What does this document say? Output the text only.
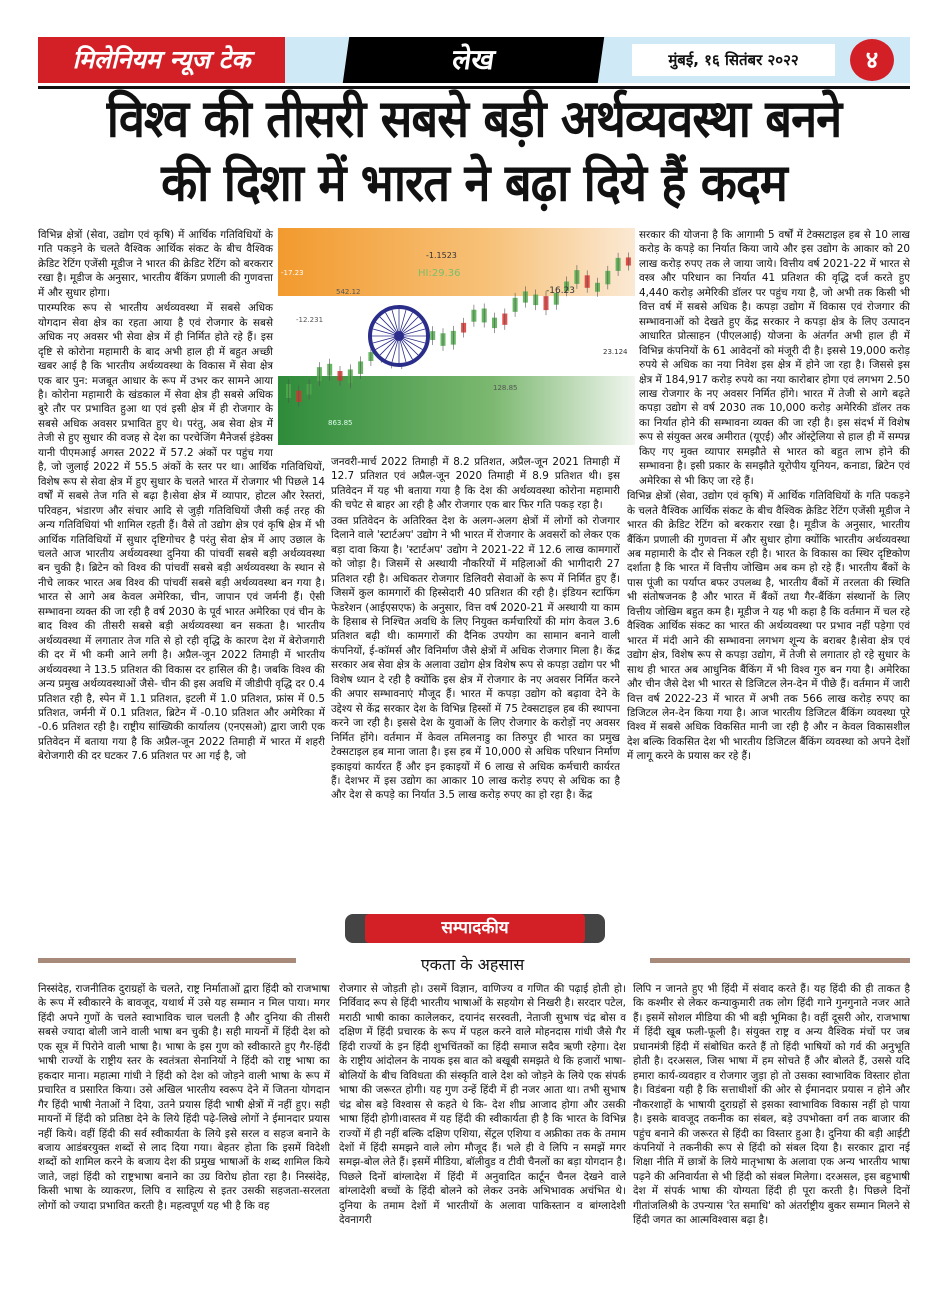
मिलेनियम न्यूज टेक	लेख	मुंबई, १६ सितंबर २०२२	४
विश्व की तीसरी सबसे बड़ी अर्थव्यवस्था बनने
की दिशा में भारत ने बढ़ा दिये हैं कदम
-1.1523
HI:29.36
-16.23
-17.23
542.12
-12.231
128.85
23.124
863.85

विभिन्न क्षेत्रों (सेवा, उद्योग एवं कृषि) में आर्थिक गतिविधियों के गति पकड़ने के चलते वैश्विक आर्थिक संकट के बीच वैश्विक क्रेडिट रेटिंग एजेंसी मूडीज ने भारत की क्रेडिट रेटिंग को बरकरार रखा है। मूडीज के अनुसार, भारतीय बैंकिंग प्रणाली की गुणवत्ता में और सुधार होगा।

पारम्परिक रूप से भारतीय अर्थव्यवस्था में सबसे अधिक योगदान सेवा क्षेत्र का रहता आया है एवं रोजगार के सबसे अधिक नए अवसर भी सेवा क्षेत्र में ही निर्मित होते रहे हैं। इस दृष्टि से कोरोना महामारी के बाद अभी हाल ही में बहुत अच्छी खबर आई है कि भारतीय अर्थव्यवस्था के विकास में सेवा क्षेत्र एक बार पुन: मजबूत आधार के रूप में उभर कर सामने आया है। कोरोना महामारी के खंडकाल में सेवा क्षेत्र ही सबसे अधिक बुरे तौर पर प्रभावित हुआ था एवं इसी क्षेत्र में ही रोजगार के सबसे अधिक अवसर प्रभावित हुए थे। परंतु, अब सेवा क्षेत्र में तेजी से हुए सुधार की वजह से देश का परचेजिंग मैनेजर्स इंडेक्स यानी पीएमआई अगस्त 2022 में 57.2 अंकों पर पहुंच गया है, जो जुलाई 2022 में 55.5 अंकों के स्तर पर था। आर्थिक गतिविधियों, विशेष रूप से सेवा क्षेत्र में हुए सुधार के चलते भारत में रोजगार भी पिछले 14 वर्षों में सबसे तेज गति से बढ़ा है।सेवा क्षेत्र में व्यापार, होटल और रेस्तरां, परिवहन, भंडारण और संचार आदि से जुड़ी गतिविधियों जैसी कई तरह की अन्य गतिविधियां भी शामिल रहती हैं। वैसे तो उद्योग क्षेत्र एवं कृषि क्षेत्र में भी आर्थिक गतिविधियों में सुधार दृष्टिगोचर है परंतु सेवा क्षेत्र में आए उछाल के चलते आज भारतीय अर्थव्यवस्था दुनिया की पांचवीं सबसे बड़ी अर्थव्यवस्था बन चुकी है। ब्रिटेन को विश्व की पांचवीं सबसे बड़ी अर्थव्यवस्था के स्थान से नीचे लाकर भारत अब विश्व की पांचवीं सबसे बड़ी अर्थव्यवस्था बन गया है। भारत से आगे अब केवल अमेरिका, चीन, जापान एवं जर्मनी हैं। ऐसी सम्भावना व्यक्त की जा रही है वर्ष 2030 के पूर्व भारत अमेरिका एवं चीन के बाद विश्व की तीसरी सबसे बड़ी अर्थव्यवस्था बन सकता है। भारतीय अर्थव्यवस्था में लगातार तेज गति से हो रही वृद्धि के कारण देश में बेरोजगारी की दर में भी कमी आने लगी है। अप्रैल-जून 2022 तिमाही में भारतीय अर्थव्यवस्था ने 13.5 प्रतिशत की विकास दर हासिल की है। जबकि विश्व की अन्य प्रमुख अर्थव्यवस्थाओं जैसे- चीन की इस अवधि में जीडीपी वृद्धि दर 0.4 प्रतिशत रही है, स्पेन में 1.1 प्रतिशत, इटली में 1.0 प्रतिशत, फ्रांस में 0.5 प्रतिशत, जर्मनी में 0.1 प्रतिशत, ब्रिटेन में -0.10 प्रतिशत और अमेरिका में -0.6 प्रतिशत रही है। राष्ट्रीय सांख्यिकी कार्यालय (एनएसओ) द्वारा जारी एक प्रतिवेदन में बताया गया है कि अप्रैल-जून 2022 तिमाही में भारत में शहरी बेरोजगारी की दर घटकर 7.6 प्रतिशत पर आ गई है, जो

जनवरी-मार्च 2022 तिमाही में 8.2 प्रतिशत, अप्रैल-जून 2021 तिमाही में 12.7 प्रतिशत एवं अप्रैल-जून 2020 तिमाही में 8.9 प्रतिशत थी। इस प्रतिवेदन में यह भी बताया गया है कि देश की अर्थव्यवस्था कोरोना महामारी की चपेट से बाहर आ रही है और रोजगार एक बार फिर गति पकड़ रहा है।

उक्त प्रतिवेदन के अतिरिक्त देश के अलग-अलग क्षेत्रों में लोगों को रोजगार दिलाने वाले 'स्टार्टअप' उद्योग ने भी भारत में रोजगार के अवसरों को लेकर एक बड़ा दावा किया है। 'स्टार्टअप' उद्योग ने 2021-22 में 12.6 लाख कामगारों को जोड़ा है। जिसमें से अस्थायी नौकरियों में महिलाओं की भागीदारी 27 प्रतिशत रही है। अधिकतर रोजगार डिलिवरी सेवाओं के रूप में निर्मित हुए हैं। जिसमें कुल कामगारों की हिस्सेदारी 40 प्रतिशत की रही है। इंडियन स्टाफिंग फेडरेशन (आईएसएफ) के अनुसार, वित्त वर्ष 2020-21 में अस्थायी या काम के हिसाब से निश्चित अवधि के लिए नियुक्त कर्मचारियों की मांग केवल 3.6 प्रतिशत बढ़ी थी। कामगारों की दैनिक उपयोग का सामान बनाने वाली कंपनियों, ई-कॉमर्स और विनिर्माण जैसे क्षेत्रों में अधिक रोजगार मिला है। केंद्र सरकार अब सेवा क्षेत्र के अलावा उद्योग क्षेत्र विशेष रूप से कपड़ा उद्योग पर भी विशेष ध्यान दे रही है क्योंकि इस क्षेत्र में रोजगार के नए अवसर निर्मित करने की अपार सम्भावनाएं मौजूद हैं। भारत में कपड़ा उद्योग को बढ़ावा देने के उद्देश्य से केंद्र सरकार देश के विभिन्न हिस्सों में 75 टेक्सटाइल हब की स्थापना करने जा रही है। इससे देश के युवाओं के लिए रोजगार के करोड़ों नए अवसर निर्मित होंगे। वर्तमान में केवल तमिलनाडु का तिरुपुर ही भारत का प्रमुख टेक्सटाइल हब माना जाता है। इस हब में 10,000 से अधिक परिधान निर्माण इकाइयां कार्यरत हैं और इन इकाइयों में 6 लाख से अधिक कर्मचारी कार्यरत हैं। देशभर में इस उद्योग का आकार 10 लाख करोड़ रुपए से अधिक का है और देश से कपड़े का निर्यात 3.5 लाख करोड़ रुपए का हो रहा है। केंद्र

सरकार की योजना है कि आगामी 5 वर्षों में टेक्सटाइल हब से 10 लाख करोड़ के कपड़े का निर्यात किया जाये और इस उद्योग के आकार को 20 लाख करोड़ रुपए तक ले जाया जाये। वित्तीय वर्ष 2021-22 में भारत से वस्त्र और परिधान का निर्यात 41 प्रतिशत की वृद्धि दर्ज करते हुए 4,440 करोड़ अमेरिकी डॉलर पर पहुंच गया है, जो अभी तक किसी भी वित्त वर्ष में सबसे अधिक है। कपड़ा उद्योग में विकास एवं रोजगार की सम्भावनाओं को देखते हुए केंद्र सरकार ने कपड़ा क्षेत्र के लिए उत्पादन आधारित प्रोत्साहन (पीएलआई) योजना के अंतर्गत अभी हाल ही में विभिन्न कंपनियों के 61 आवेदनों को मंजूरी दी है। इससे 19,000 करोड़ रुपये से अधिक का नया निवेश इस क्षेत्र में होने जा रहा है। जिससे इस क्षेत्र में 184,917 करोड़ रुपये का नया कारोबार होगा एवं लगभग 2.50 लाख रोजगार के नए अवसर निर्मित होंगे। भारत में तेजी से आगे बढ़ते कपड़ा उद्योग से वर्ष 2030 तक 10,000 करोड़ अमेरिकी डॉलर तक का निर्यात होने की सम्भावना व्यक्त की जा रही है। इस संदर्भ में विशेष रूप से संयुक्त अरब अमीरात (यूएई) और ऑस्ट्रेलिया से हाल ही में सम्पन्न किए गए मुक्त व्यापार समझौते से भारत को बहुत लाभ होने की सम्भावना है। इसी प्रकार के समझौते यूरोपीय यूनियन, कनाडा, ब्रिटेन एवं अमेरिका से भी किए जा रहे हैं।

विभिन्न क्षेत्रों (सेवा, उद्योग एवं कृषि) में आर्थिक गतिविधियों के गति पकड़ने के चलते वैश्विक आर्थिक संकट के बीच वैश्विक क्रेडिट रेटिंग एजेंसी मूडीज ने भारत की क्रेडिट रेटिंग को बरकरार रखा है। मूडीज के अनुसार, भारतीय बैंकिंग प्रणाली की गुणवत्ता में और सुधार होगा क्योंकि भारतीय अर्थव्यवस्था अब महामारी के दौर से निकल रही है। भारत के विकास का स्थिर दृष्टिकोण दर्शाता है कि भारत में वित्तीय जोखिम अब कम हो रहे हैं। भारतीय बैंकों के पास पूंजी का पर्याप्त बफर उपलब्ध है, भारतीय बैंकों में तरलता की स्थिति भी संतोषजनक है और भारत में बैंकों तथा गैर-बैंकिंग संस्थानों के लिए वित्तीय जोखिम बहुत कम है। मूडीज ने यह भी कहा है कि वर्तमान में चल रहे वैश्विक आर्थिक संकट का भारत की अर्थव्यवस्था पर प्रभाव नहीं पड़ेगा एवं भारत में मंदी आने की सम्भावना लगभग शून्य के बराबर है।सेवा क्षेत्र एवं उद्योग क्षेत्र, विशेष रूप से कपड़ा उद्योग, में तेजी से लगातार हो रहे सुधार के साथ ही भारत अब आधुनिक बैंकिंग में भी विश्व गुरु बन गया है। अमेरिका और चीन जैसे देश भी भारत से डिजिटल लेन-देन में पीछे हैं। वर्तमान में जारी वित्त वर्ष 2022-23 में भारत में अभी तक 566 लाख करोड़ रुपए का डिजिटल लेन-देन किया गया है। आज भारतीय डिजिटल बैंकिंग व्यवस्था पूरे विश्व में सबसे अधिक विकसित मानी जा रही है और न केवल विकासशील देश बल्कि विकसित देश भी भारतीय डिजिटल बैंकिंग व्यवस्था को अपने देशों में लागू करने के प्रयास कर रहे हैं।

सम्पादकीय
एकता के अहसास

निस्संदेह, राजनीतिक दुराग्रहों के चलते, राष्ट्र निर्माताओं द्वारा हिंदी को राजभाषा के रूप में स्वीकारने के बावजूद, यथार्थ में उसे यह सम्मान न मिल पाया। मगर हिंदी अपने गुणों के चलते स्वाभाविक चाल चलती है और दुनिया की तीसरी सबसे ज्यादा बोली जाने वाली भाषा बन चुकी है। सही मायनों में हिंदी देश को एक सूत्र में पिरोने वाली भाषा है। भाषा के इस गुण को स्वीकारते हुए गैर-हिंदी भाषी राज्यों के राष्ट्रीय स्तर के स्वतंत्रता सेनानियों ने हिंदी को राष्ट्र भाषा का हकदार माना। महात्मा गांधी ने हिंदी को देश को जोड़ने वाली भाषा के रूप में प्रचारित व प्रसारित किया। उसे अखिल भारतीय स्वरूप देने में जितना योगदान गैर हिंदी भाषी नेताओं ने दिया, उतने प्रयास हिंदी भाषी क्षेत्रों में नहीं हुए। सही मायनों में हिंदी को प्रतिष्ठा देने के लिये हिंदी पढ़े-लिखे लोगों ने ईमानदार प्रयास नहीं किये। वहीं हिंदी की सर्व स्वीकार्यता के लिये इसे सरल व सहज बनाने के बजाय आडंबरयुक्त शब्दों से लाद दिया गया। बेहतर होता कि इसमें विदेशी शब्दों को शामिल करने के बजाय देश की प्रमुख भाषाओं के शब्द शामिल किये जाते, जहां हिंदी को राष्ट्रभाषा बनाने का उग्र विरोध होता रहा है। निस्संदेह, किसी भाषा के व्याकरण, लिपि व साहित्य से इतर उसकी सहजता-सरलता लोगों को ज्यादा प्रभावित करती है। महत्वपूर्ण यह भी है कि वह

रोजगार से जोड़ती हो। उसमें विज्ञान, वाणिज्य व गणित की पढ़ाई होती हो। निर्विवाद रूप से हिंदी भारतीय भाषाओं के सहयोग से निखरी है। सरदार पटेल, मराठी भाषी काका कालेलकर, दयानंद सरस्वती, नेताजी सुभाष चंद्र बोस व दक्षिण में हिंदी प्रचारक के रूप में पहल करने वाले मोहनदास गांधी जैसे गैर हिंदी राज्यों के इन हिंदी शुभचिंतकों का हिंदी समाज सदैव ऋणी रहेगा। देश के राष्ट्रीय आंदोलन के नायक इस बात को बखूबी समझते थे कि हजारों भाषा-बोलियों के बीच विविधता की संस्कृति वाले देश को जोड़ने के लिये एक संपर्क भाषा की जरूरत होगी। यह गुण उन्हें हिंदी में ही नजर आता था। तभी सुभाष चंद्र बोस बड़े विश्वास से कहते थे कि- देश शीघ्र आजाद होगा और उसकी भाषा हिंदी होगी।वास्तव में यह हिंदी की स्वीकार्यता ही है कि भारत के विभिन्न राज्यों में ही नहीं बल्कि दक्षिण एशिया, सेंट्रल एशिया व अफ्रीका तक के तमाम देशों में हिंदी समझने वाले लोग मौजूद हैं। भले ही वे लिपि न समझें मगर समझ-बोल लेते हैं। इसमें मीडिया, बॉलीवुड व टीवी चैनलों का बड़ा योगदान है। पिछले दिनों बांग्लादेश में हिंदी में अनुवादित कार्टून चैनल देखने वाले बांग्लादेशी बच्चों के हिंदी बोलने को लेकर उनके अभिभावक अचंभित थे। दुनिया के तमाम देशों में भारतीयों के अलावा पाकिस्तान व बांग्लादेशी देवनागरी

लिपि न जानते हुए भी हिंदी में संवाद करते हैं। यह हिंदी की ही ताकत है कि कश्मीर से लेकर कन्याकुमारी तक लोग हिंदी गाने गुनगुनाते नजर आते हैं। इसमें सोशल मीडिया की भी बड़ी भूमिका है। वहीं दूसरी ओर, राजभाषा में हिंदी खूब फली-फूली है। संयुक्त राष्ट्र व अन्य वैश्विक मंचों पर जब प्रधानमंत्री हिंदी में संबोधित करते हैं तो हिंदी भाषियों को गर्व की अनुभूति होती है। दरअसल, जिस भाषा में हम सोचते हैं और बोलते हैं, उससे यदि हमारा कार्य-व्यवहार व रोजगार जुड़ा हो तो उसका स्वाभाविक विस्तार होता है। विडंबना यही है कि सत्ताधीशों की ओर से ईमानदार प्रयास न होने और नौकरशाहों के भाषायी दुराग्रहों से इसका स्वाभाविक विकास नहीं हो पाया है। इसके बावजूद तकनीक का संबल, बड़े उपभोक्ता वर्ग तक बाजार की पहुंच बनाने की जरूरत से हिंदी का विस्तार हुआ है। दुनिया की बड़ी आईटी कंपनियों ने तकनीकी रूप से हिंदी को संबल दिया है। सरकार द्वारा नई शिक्षा नीति में छात्रों के लिये मातृभाषा के अलावा एक अन्य भारतीय भाषा पढ़ने की अनिवार्यता से भी हिंदी को संबल मिलेगा। दरअसल, इस बहुभाषी देश में संपर्क भाषा की योग्यता हिंदी ही पूरा करती है। पिछले दिनों गीतांजलिश्री के उपन्यास 'रेत समाधि' को अंतर्राष्ट्रीय बुकर सम्मान मिलने से हिंदी जगत का आत्मविश्वास बढ़ा है।
